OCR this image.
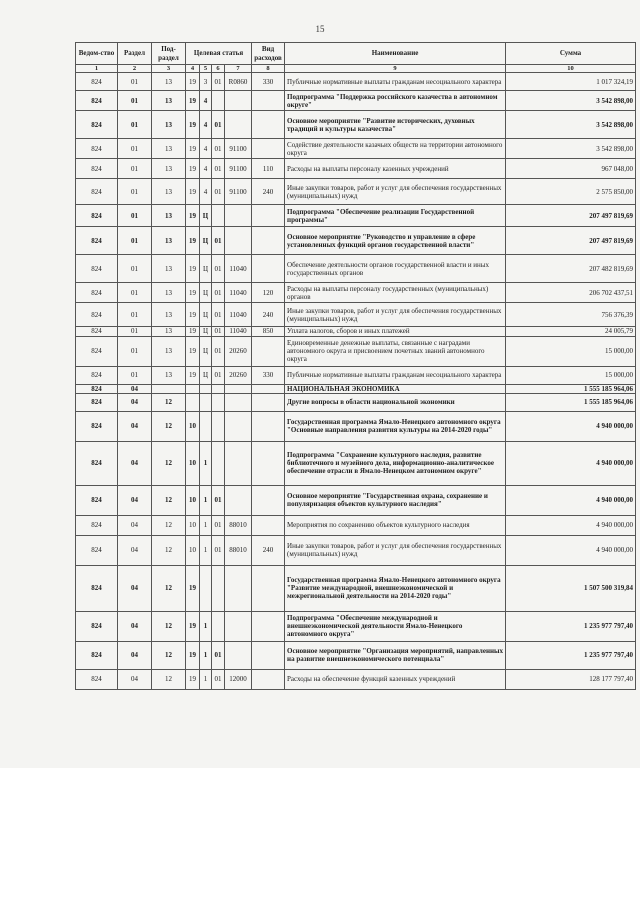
15
Ведом-ство	Раздел	Под-раздел	Целевая статья				Вид расходов	Наименование	Сумма
1	2	3	4	5	6	7	8	9	10
824	01	13	19	3	01	R0860	330	Публичные нормативные выплаты гражданам несоциального характера	1 017 324,19
824	01	13	19	4				Подпрограмма "Поддержка российского казачества в автономном округе"	3 542 898,00
824	01	13	19	4	01			Основное мероприятие "Развитие исторических, духовных традиций и культуры казачества"	3 542 898,00
824	01	13	19	4	01	91100		Содействие деятельности казачьих обществ на территории автономного округа	3 542 898,00
824	01	13	19	4	01	91100	110	Расходы на выплаты персоналу казенных учреждений	967 048,00
824	01	13	19	4	01	91100	240	Иные закупки товаров, работ и услуг для обеспечения государственных (муниципальных) нужд	2 575 850,00
824	01	13	19	Ц				Подпрограмма "Обеспечение реализации Государственной программы"	207 497 819,69
824	01	13	19	Ц	01			Основное мероприятие "Руководство и управление в сфере установленных функций органов государственной власти"	207 497 819,69
824	01	13	19	Ц	01	11040		Обеспечение деятельности органов государственной власти и иных государственных органов	207 482 819,69
824	01	13	19	Ц	01	11040	120	Расходы на выплаты персоналу государственных (муниципальных) органов	206 702 437,51
824	01	13	19	Ц	01	11040	240	Иные закупки товаров, работ и услуг для обеспечения государственных (муниципальных) нужд	756 376,39
824	01	13	19	Ц	01	11040	850	Уплата налогов, сборов и иных платежей	24 005,79
824	01	13	19	Ц	01	20260		Единовременные денежные выплаты, связанные с наградами автономного округа и присвоением почетных званий автономного округа	15 000,00
824	01	13	19	Ц	01	20260	330	Публичные нормативные выплаты гражданам несоциального характера	15 000,00
824	04							НАЦИОНАЛЬНАЯ ЭКОНОМИКА	1 555 185 964,06
824	04	12						Другие вопросы в области национальной экономики	1 555 185 964,06
824	04	12	10					Государственная программа Ямало-Ненецкого автономного округа "Основные направления развития культуры на 2014-2020 годы"	4 940 000,00
824	04	12	10	1				Подпрограмма "Сохранение культурного наследия, развитие библиотечного и музейного дела, информационно-аналитическое обеспечение отрасли в Ямало-Ненецком автономном округе"	4 940 000,00
824	04	12	10	1	01			Основное мероприятие "Государственная охрана, сохранение и популяризация объектов культурного наследия"	4 940 000,00
824	04	12	10	1	01	88010		Мероприятия по сохранению объектов культурного наследия	4 940 000,00
824	04	12	10	1	01	88010	240	Иные закупки товаров, работ и услуг для обеспечения государственных (муниципальных) нужд	4 940 000,00
824	04	12	19					Государственная программа Ямало-Ненецкого автономного округа "Развитие международной, внешнеэкономической и межрегиональной деятельности на 2014-2020 годы"	1 507 500 319,84
824	04	12	19	1				Подпрограмма "Обеспечение международной и внешнеэкономической деятельности Ямало-Ненецкого автономного округа"	1 235 977 797,40
824	04	12	19	1	01			Основное мероприятие "Организация мероприятий, направленных на развитие внешнеэкономического потенциала"	1 235 977 797,40
824	04	12	19	1	01	12000		Расходы на обеспечение функций казенных учреждений	128 177 797,40
